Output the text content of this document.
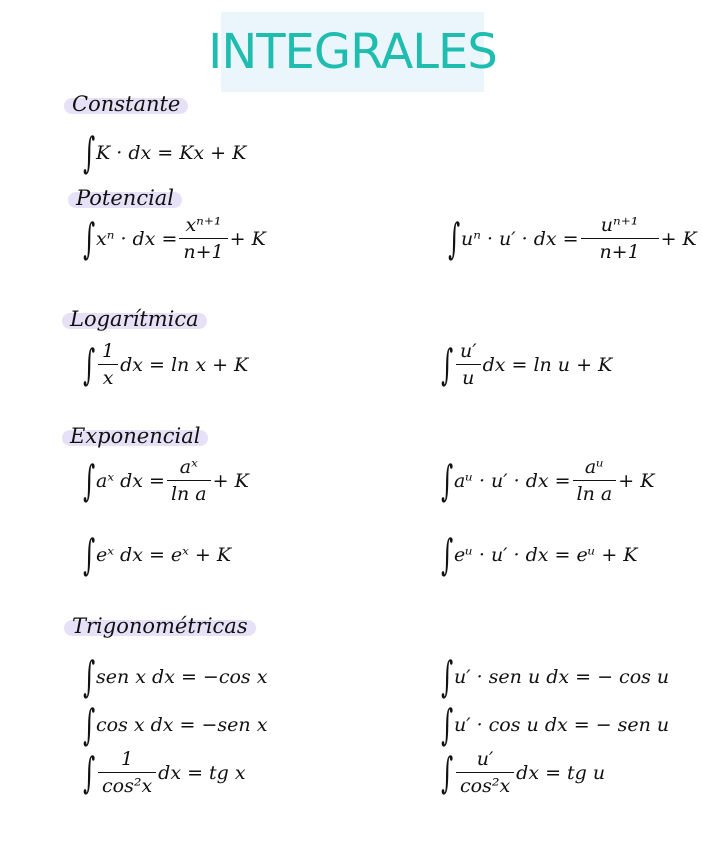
INTEGRALES
Constante
Potencial
Logarítmica
Exponencial
Trigonométricas
∫ K · dx = Kx + K
∫ xⁿ · dx = $\frac{\text{xⁿ⁺¹}}{n+1} + K$	∫ uⁿ · u′ · dx = $\frac{\text{uⁿ⁺¹}}{n+1} + K$
∫ $\frac{1}{x}$ dx = ln x + K	∫ $\frac{u'}{u}$ dx = ln u + K
∫ aˣ dx = $\frac{\text{aˣ}}{\text{ln a}} + K$	∫ aᵘ · u′ · dx = $\frac{\text{aᵘ}}{\text{ln a}} + K$
∫ eˣ dx = eˣ + K	∫ eᵘ · u′ · dx = eᵘ + K
∫ sen x dx = −cos x	∫ u′ · sen u dx = − cos u
∫ cos x dx = −sen x	∫ u′ · cos u dx = − sen u
∫ $\frac{1}{\text{cos²x}}$ dx = tg x	∫ $\frac{u'}{\text{cos²x}}$ dx = tg u
